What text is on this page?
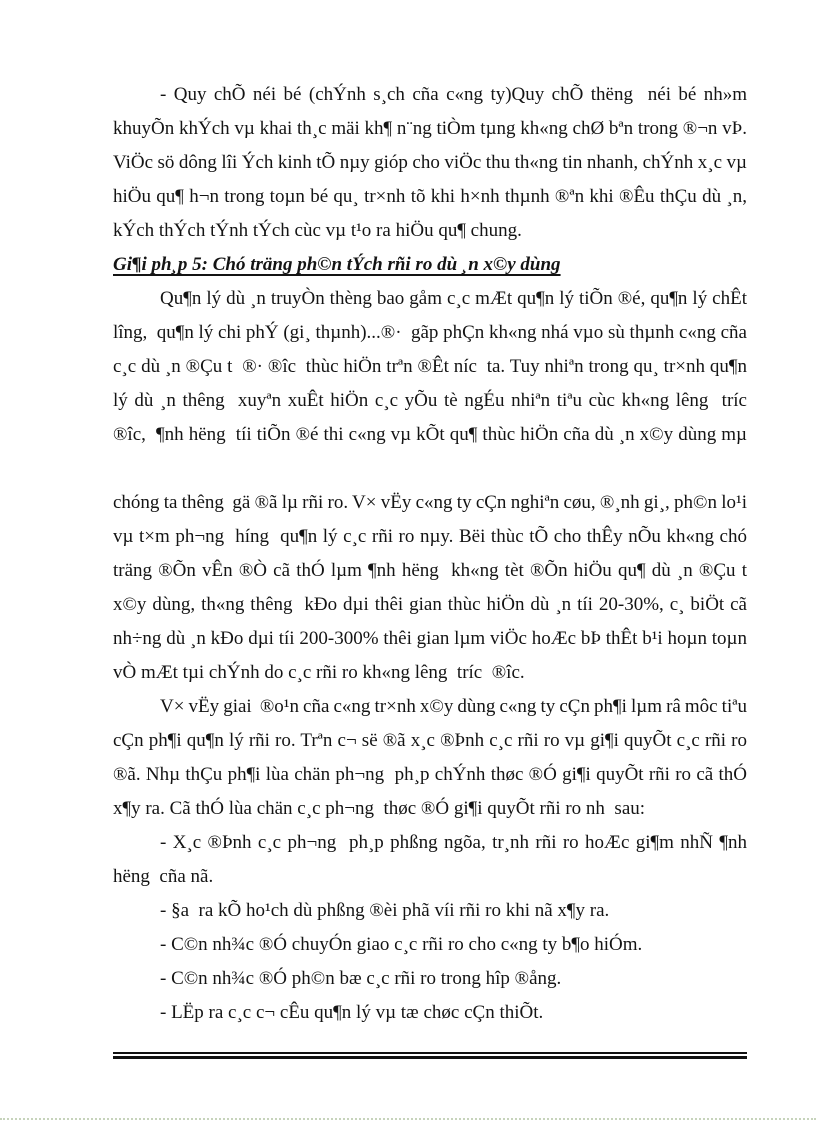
- Quy chÕ néi bé (chÝnh s¸ch cña c«ng ty)Quy chÕ thëng  néi bé nh»m
khuyÕn khÝch vµ khai th¸c mäi kh¶ n¨ng tiÒm tµng kh«ng chØ bªn trong ®¬n vÞ.
ViÖc sö dông lîi Ých kinh tÕ nµy gióp cho viÖc thu th«ng tin nhanh, chÝnh x¸c vµ
hiÖu qu¶ h¬n trong toµn bé qu¸ tr×nh tõ khi h×nh thµnh ®ªn khi ®Êu thÇu dù ¸n,
kÝch thÝch tÝnh tÝch cùc vµ t¹o ra hiÖu qu¶ chung.
Gi¶i ph¸p 5: Chó träng ph©n tÝch rñi ro dù ¸n x©y dùng
Qu¶n lý dù ¸n truyÒn thèng bao gåm c¸c mÆt qu¶n lý tiÕn ®é, qu¶n lý chÊt
lîng,  qu¶n lý chi phÝ (gi¸ thµnh)...®·  gãp phÇn kh«ng nhá vµo sù thµnh c«ng cña
c¸c dù ¸n ®Çu t  ®· ®îc  thùc hiÖn trªn ®Êt níc  ta. Tuy nhiªn trong qu¸ tr×nh qu¶n
lý dù ¸n thêng  xuyªn xuÊt hiÖn c¸c yÕu tè ngÉu nhiªn tiªu cùc kh«ng lêng  tríc
®îc,  ¶nh hëng  tíi tiÕn ®é thi c«ng vµ kÕt qu¶ thùc hiÖn cña dù ¸n x©y dùng mµ
chóng ta thêng  gä ®ã lµ rñi ro. V× vËy c«ng ty cÇn nghiªn cøu, ®¸nh gi¸, ph©n lo¹i
vµ t×m ph¬ng  híng  qu¶n lý c¸c rñi ro nµy. Bëi thùc tÕ cho thÊy nÕu kh«ng chó
träng ®Õn vÊn ®Ò cã thÓ lµm ¶nh hëng  kh«ng tèt ®Õn hiÖu qu¶ dù ¸n ®Çu t
x©y dùng, th«ng thêng  kÐo dµi thêi gian thùc hiÖn dù ¸n tíi 20-30%, c¸ biÖt cã
nh÷ng dù ¸n kÐo dµi tíi 200-300% thêi gian lµm viÖc hoÆc bÞ thÊt b¹i hoµn toµn
vÒ mÆt tµi chÝnh do c¸c rñi ro kh«ng lêng  tríc  ®îc.
V× vËy giai  ®o¹n cña c«ng tr×nh x©y dùng c«ng ty cÇn ph¶i lµm râ môc tiªu
cÇn ph¶i qu¶n lý rñi ro. Trªn c¬ së ®ã x¸c ®Þnh c¸c rñi ro vµ gi¶i quyÕt c¸c rñi ro
®ã. Nhµ thÇu ph¶i lùa chän ph¬ng  ph¸p chÝnh thøc ®Ó gi¶i quyÕt rñi ro cã thÓ
x¶y ra. Cã thÓ lùa chän c¸c ph¬ng  thøc ®Ó gi¶i quyÕt rñi ro nh  sau:
- X¸c ®Þnh c¸c ph¬ng  ph¸p phßng ngõa, tr¸nh rñi ro hoÆc gi¶m nhÑ ¶nh
hëng  cña nã.
- §a  ra kÕ ho¹ch dù phßng ®èi phã víi rñi ro khi nã x¶y ra.
- C©n nh¾c ®Ó chuyÓn giao c¸c rñi ro cho c«ng ty b¶o hiÓm.
- C©n nh¾c ®Ó ph©n bæ c¸c rñi ro trong hîp ®ång.
- LËp ra c¸c c¬ cÊu qu¶n lý vµ tæ chøc cÇn thiÕt.
